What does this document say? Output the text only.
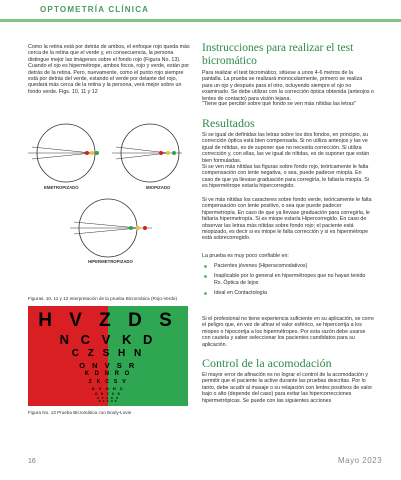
OPTOMETRÍA CLÍNICA
Como la retina está por detrás de ambos, el enfoque rojo queda más cerca de la retina que el verde y, en consecuencia, la persona distingue mejor las imágenes sobre el fondo rojo (Figura No. 13). Cuando el ojo es hipermétrope, ambos focos, rojo y verde, están por detrás de la retina. Pero, nuevamente, como el punto rojo siempre está por detrás del verde, estando el verde por delante del rojo, quedará más cerca de la retina y la persona, verá mejor sobre un fondo verde. Figs. 10, 11 y 12
EMETROPIZADO	MIOPIZADO
HIPERMETROPIZADO
Figuras. 10, 11 y 12 Interpretación de la prueba Bicromática (Rojo-Verde)
H V Z D S
N C V K D
C Z S H N
O N V S R
K D N R O
Z K C S V
D V O H C
O H V C K
H Z C K O
N C K H D
Figura No. 13 Prueba Bicromática con Bouly-Lovie
Instrucciones para realizar el test bicromático
Para realizar el test bicromático, sitúese a unos 4-6 metros de la pantalla. La prueba se realizará monocularmente, primero se realiza para un ojo y después para el otro, ocluyendo siempre el ojo no examinado. Se debe utilizar con la corrección óptica obtenida (anteojos o lentes de contacto) para visión lejana.
"Tiene que percibir sobre qué fondo se ven más nítidas las letras"
Resultados
Si se igual de definidas las letras sobre los dos fondos, en principio, su corrección óptica está bien compensada. Si no utiliza anteojos y las ve igual de nítidas, es de suponer que no necesita corrección. Si utiliza corrección y, con ellas, las ve igual de nítidas, es de suponer que están bien formuladas.
Si se ven más nítidas las figuras sobre fondo rojo, teóricamente le falta compensación con lente negativa, o sea, puede padecer miopía. En caso de que ya llevase graduación para corregirla, le faltaría miopía. Si es hipermétrope estaría hipercorregido.
Si ve más nítidas los caracteres sobre fondo verde, teóricamente le falta compensación con lente positivo, o sea que puede padecer hipermetropía. En caso de que ya llevase graduación para corregirla, le faltaría hipermetropía. Si es miope estaría Hipercorregido. En caso de observar las letras más nítidas sobre fondo rojo; el paciente está miopizado, es decir si es miope le falta corrección y si es hipermétrope está sobrecorregido.
La prueba es muy poco confiable en:
Pacientes jóvenes (Hiperacomodativos)
Inaplicable por lo general en hipermétropes que no hayan tenido Rx. Óptica de lejos
Ideal en Contactología
Si el profesional no tiene experiencia suficiente en su aplicación, se corre el peligro que, en vez de afinar el valor esférico, se hipercorrija a los miopes o hipocorrija a los hipermétropes. Por esta razón debe usarse con cautela y saber seleccionar los pacientes candidatos para su aplicación.
Control de la acomodación
El mayor error de afinación es no lograr el control de la acomodación y permitir que el paciente la active durante las pruebas descritas. Por lo tanto, debe acudir al masaje o su relajación con lentes positivos de valor bajo o alto (depende del caso) para evitar las hipercorrecciones hipermetrópicas. Se puede con las siguientes acciones
16	Mayo 2023
